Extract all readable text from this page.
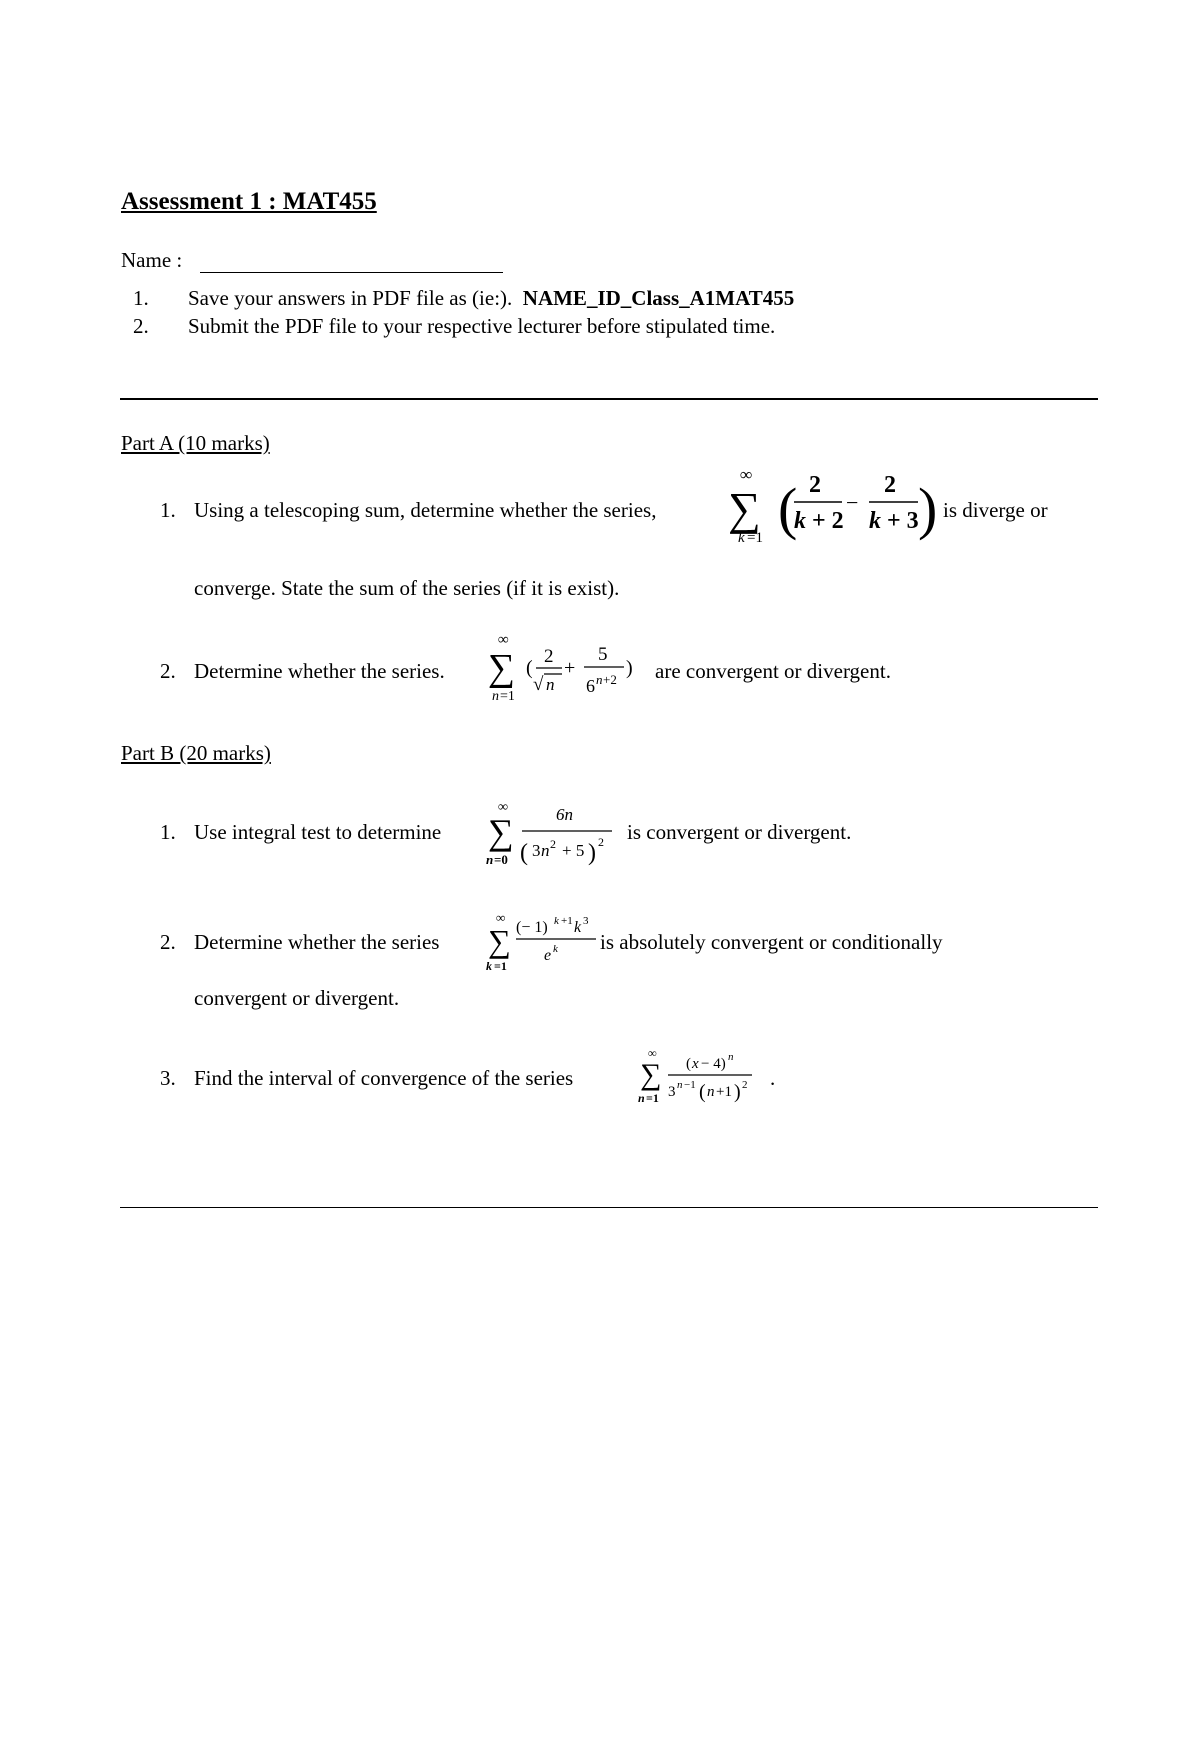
Assessment 1 : MAT455
Name :
1.	Save your answers in PDF file as (ie:). NAME_ID_Class_A1MAT455
2.	Submit the PDF file to your respective lecturer before stipulated time.
Part A (10 marks)
1. Using a telescoping sum, determine whether the series,
∞
∑
k =1 ( 2
k + 2
−
2
k + 3 ) is diverge or
converge. State the sum of the series (if it is exist).
2. Determine whether the series.
∞
∑
n =1
(
2
√ n
+
5
6 n +2
) are convergent or divergent.
Part B (20 marks)
1. Use integral test to determine
∞
∑
n =0
6n
( 3 n 2 + 5 ) 2 is convergent or divergent.
2. Determine whether the series
∞
∑
k =1
(− 1) k +1 k 3
e k is absolutely convergent or conditionally
convergent or divergent.
3. Find the interval of convergence of the series
∞
∑
n =1
( x − 4) n
3 n −1 ( n +1 ) 2 .
